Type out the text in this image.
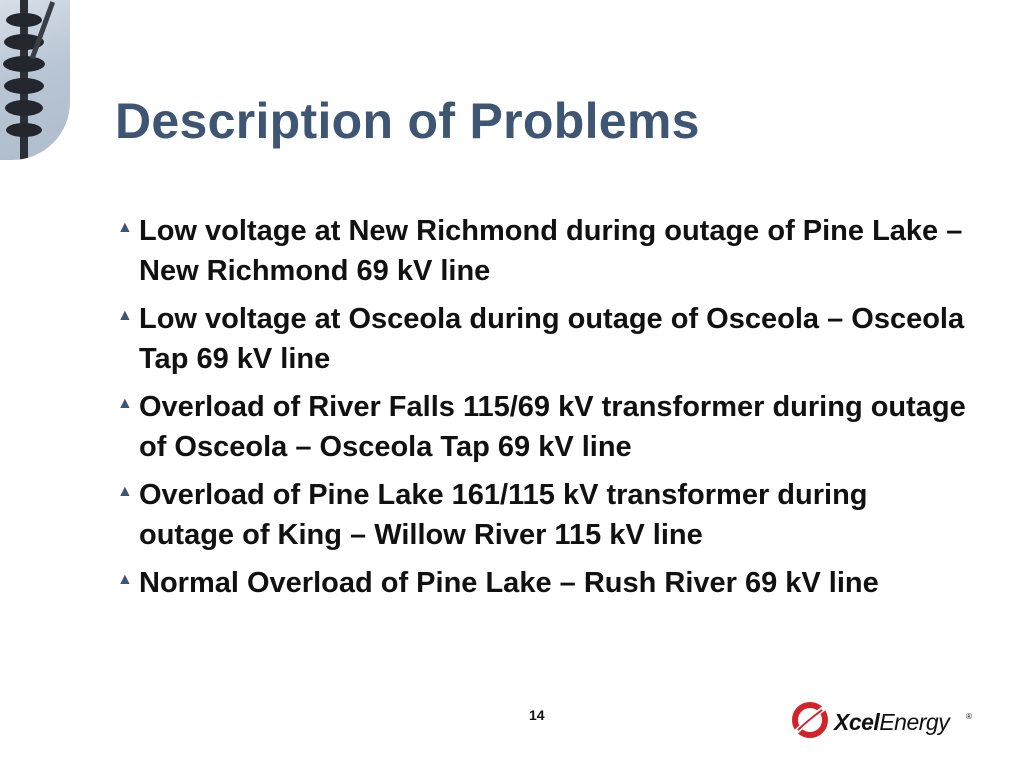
Description of Problems
▲ Low voltage at New Richmond during outage of Pine Lake – New Richmond 69 kV line
▲ Low voltage at Osceola during outage of Osceola – Osceola Tap 69 kV line
▲ Overload of River Falls 115/69 kV transformer during outage of Osceola – Osceola Tap 69 kV line
▲ Overload of Pine Lake 161/115 kV transformer during outage of King – Willow River 115 kV line
▲ Normal Overload of Pine Lake – Rush River 69 kV line
14	XcelEnergy ®
